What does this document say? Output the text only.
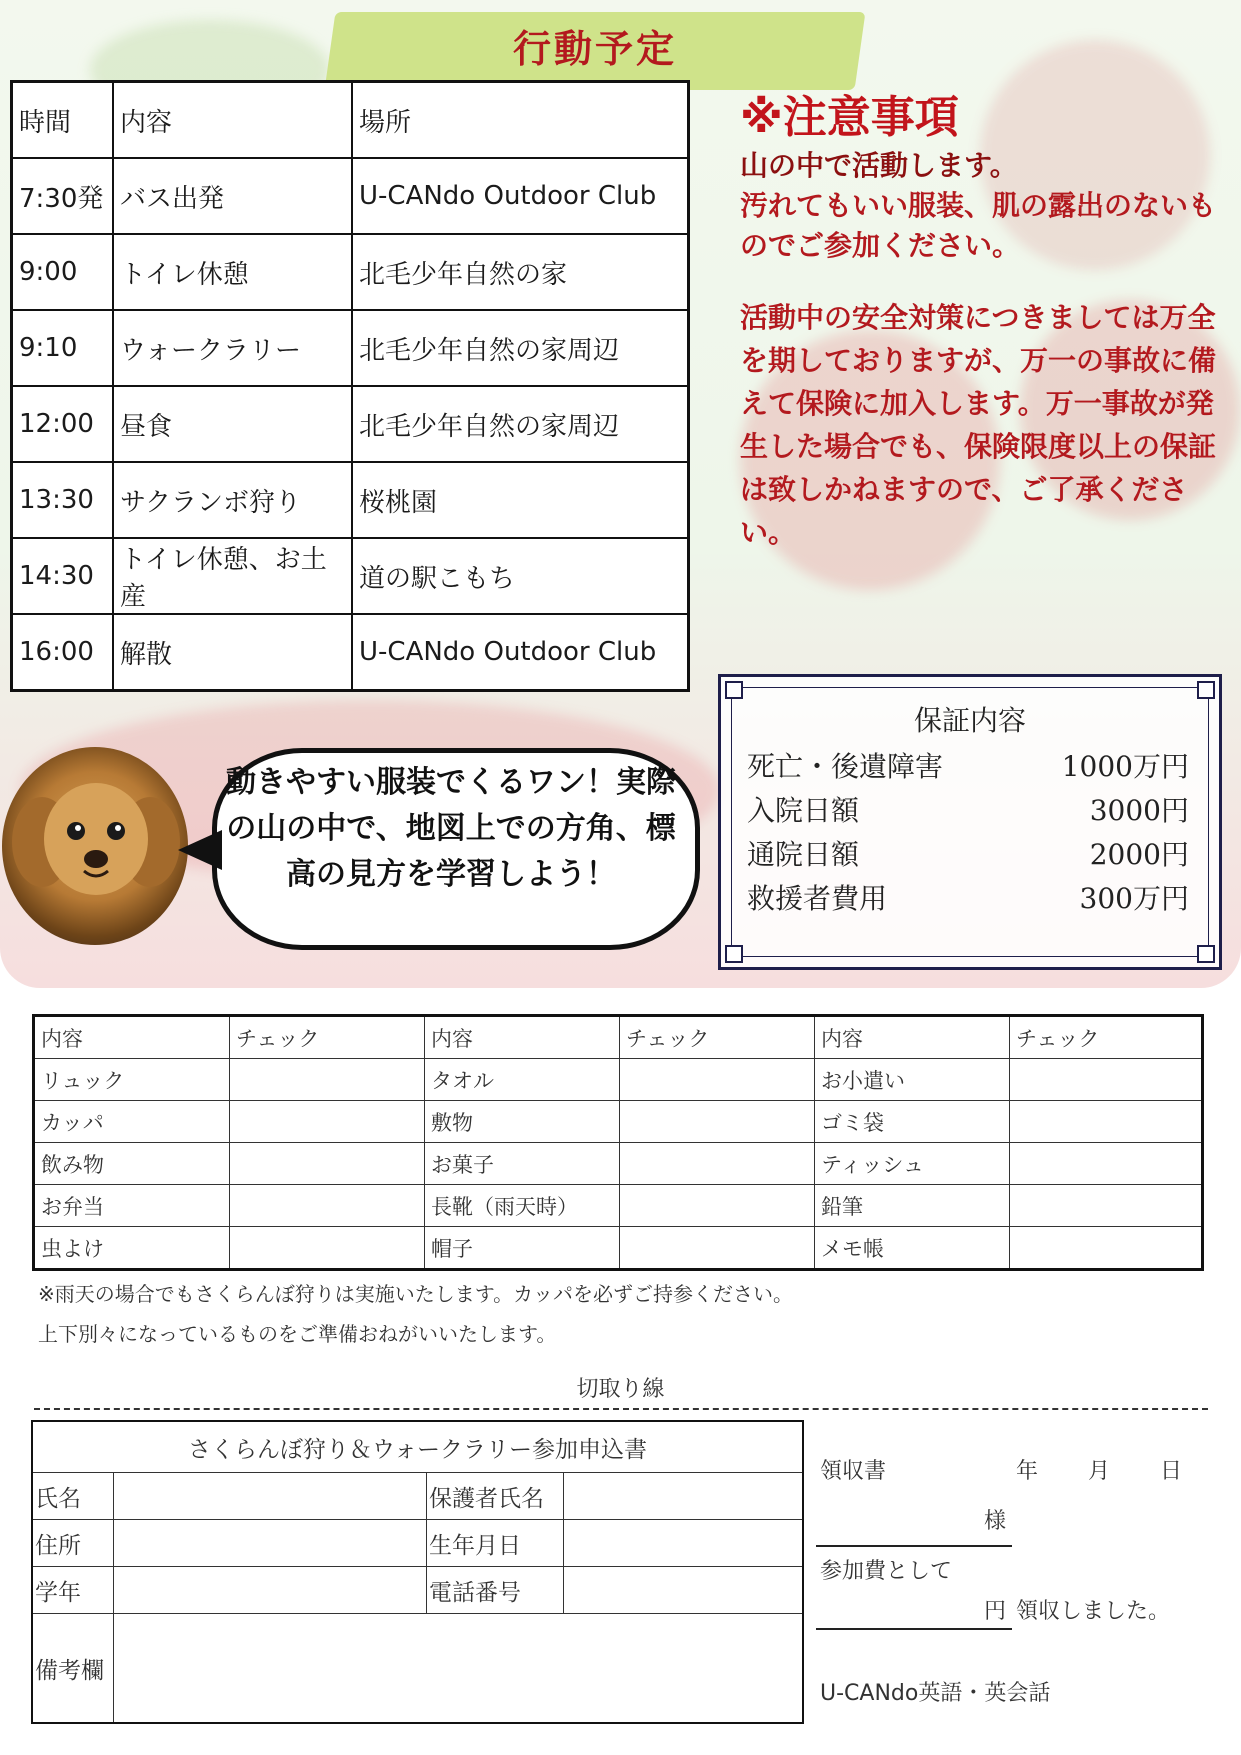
行動予定
時間	内容	場所
7:30発	バス出発	U-CANdo Outdoor Club
9:00	トイレ休憩	北毛少年自然の家
9:10	ウォークラリー	北毛少年自然の家周辺
12:00	昼食	北毛少年自然の家周辺
13:30	サクランボ狩り	桜桃園
14:30	トイレ休憩、お土産	道の駅こもち
16:00	解散	U-CANdo Outdoor Club
※注意事項
山の中で活動します。
汚れてもいい服装、肌の露出のないものでご参加ください。
活動中の安全対策につきましては万全を期しておりますが、万一の事故に備えて保険に加入します。万一事故が発生した場合でも、保険限度以上の保証は致しかねますので、ご了承ください。
保証内容
死亡・後遺障害	1000万円
入院日額	3000円
通院日額	2000円
救援者費用	300万円
動きやすい服装でくるワン！実際の山の中で、地図上での方角、標高の見方を学習しよう！
内容	チェック	内容	チェック	内容	チェック
リュック		タオル		お小遣い	
カッパ		敷物		ゴミ袋	
飲み物		お菓子		ティッシュ	
お弁当		長靴（雨天時）		鉛筆	
虫よけ		帽子		メモ帳	
※雨天の場合でもさくらんぼ狩りは実施いたします。カッパを必ずご持参ください。
上下別々になっているものをご準備おねがいいたします。
切取り線
さくらんぼ狩り＆ウォークラリー参加申込書			
氏名		保護者氏名	
住所		生年月日	
学年		電話番号	
備考欄			
領収書	年 月 日
様
参加費として
円 領収しました。
U-CANdo英語・英会話
